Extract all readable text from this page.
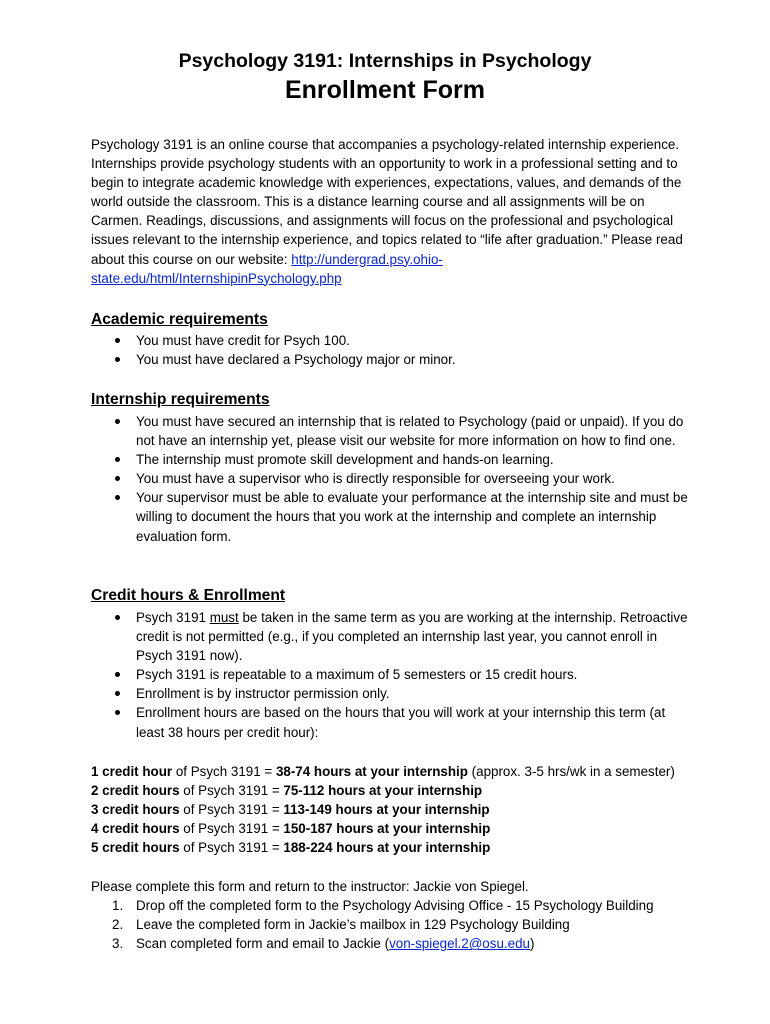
Psychology 3191: Internships in Psychology
Enrollment Form
Psychology 3191 is an online course that accompanies a psychology-related internship experience. Internships provide psychology students with an opportunity to work in a professional setting and to begin to integrate academic knowledge with experiences, expectations, values, and demands of the world outside the classroom. This is a distance learning course and all assignments will be on Carmen. Readings, discussions, and assignments will focus on the professional and psychological issues relevant to the internship experience, and topics related to “life after graduation.” Please read about this course on our website: http://undergrad.psy.ohio-state.edu/html/InternshipinPsychology.php
Academic requirements
You must have credit for Psych 100.
You must have declared a Psychology major or minor.
Internship requirements
You must have secured an internship that is related to Psychology (paid or unpaid). If you do not have an internship yet, please visit our website for more information on how to find one.
The internship must promote skill development and hands-on learning.
You must have a supervisor who is directly responsible for overseeing your work.
Your supervisor must be able to evaluate your performance at the internship site and must be willing to document the hours that you work at the internship and complete an internship evaluation form.
Credit hours & Enrollment
Psych 3191 must be taken in the same term as you are working at the internship. Retroactive credit is not permitted (e.g., if you completed an internship last year, you cannot enroll in Psych 3191 now).
Psych 3191 is repeatable to a maximum of 5 semesters or 15 credit hours.
Enrollment is by instructor permission only.
Enrollment hours are based on the hours that you will work at your internship this term (at least 38 hours per credit hour):
1 credit hour of Psych 3191 = 38-74 hours at your internship (approx. 3-5 hrs/wk in a semester)
2 credit hours of Psych 3191 = 75-112 hours at your internship
3 credit hours of Psych 3191 = 113-149 hours at your internship
4 credit hours of Psych 3191 = 150-187 hours at your internship
5 credit hours of Psych 3191 = 188-224 hours at your internship
Please complete this form and return to the instructor: Jackie von Spiegel.
1. Drop off the completed form to the Psychology Advising Office - 15 Psychology Building
2. Leave the completed form in Jackie’s mailbox in 129 Psychology Building
3. Scan completed form and email to Jackie (von-spiegel.2@osu.edu)
